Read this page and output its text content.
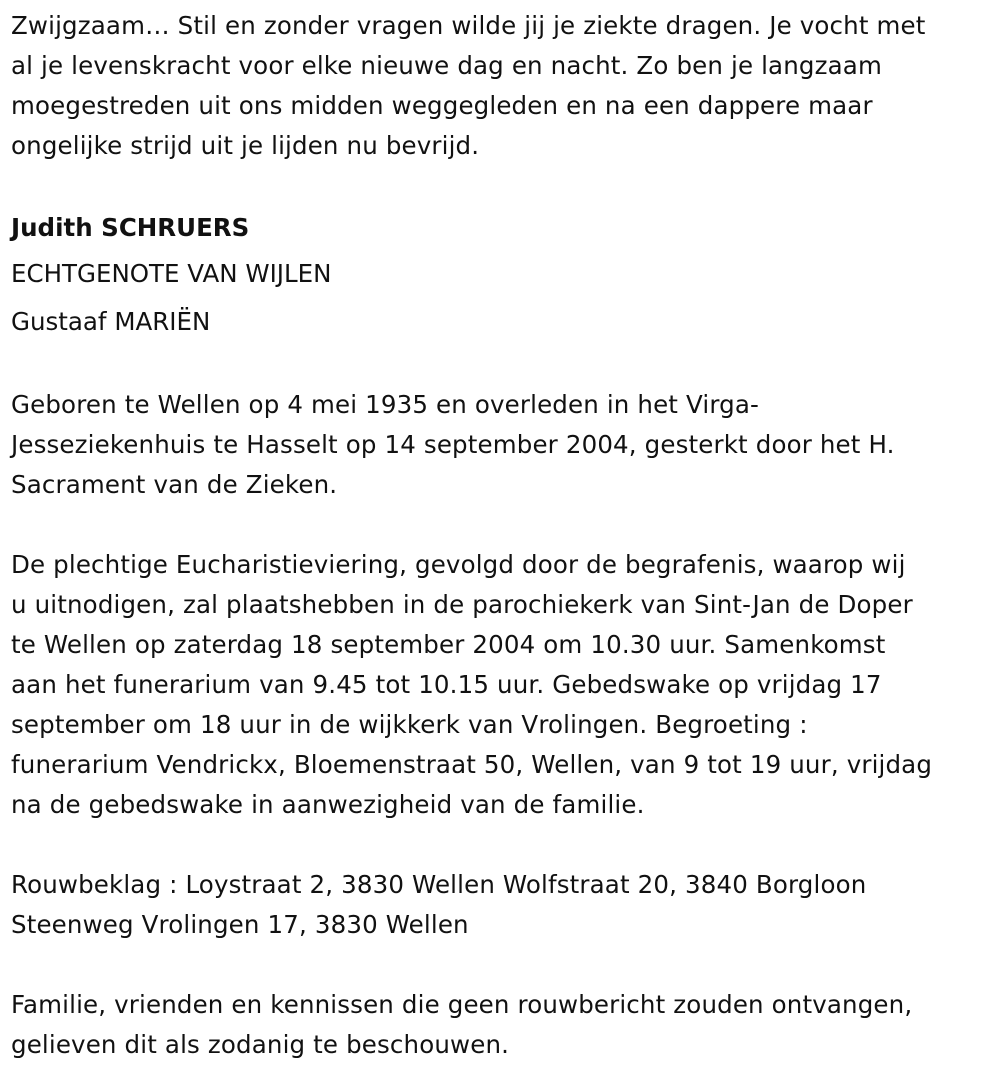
Zwijgzaam… Stil en zonder vragen wilde jij je ziekte dragen. Je vocht met
al je levenskracht voor elke nieuwe dag en nacht. Zo ben je langzaam
moegestreden uit ons midden weggegleden en na een dappere maar
ongelijke strijd uit je lijden nu bevrijd.
Judith SCHRUERS
ECHTGENOTE VAN WIJLEN
Gustaaf MARIËN
Geboren te Wellen op 4 mei 1935 en overleden in het Virga-
Jesseziekenhuis te Hasselt op 14 september 2004, gesterkt door het H.
Sacrament van de Zieken.
De plechtige Eucharistieviering, gevolgd door de begrafenis, waarop wij
u uitnodigen, zal plaatshebben in de parochiekerk van Sint-Jan de Doper
te Wellen op zaterdag 18 september 2004 om 10.30 uur. Samenkomst
aan het funerarium van 9.45 tot 10.15 uur. Gebedswake op vrijdag 17
september om 18 uur in de wijkkerk van Vrolingen. Begroeting :
funerarium Vendrickx, Bloemenstraat 50, Wellen, van 9 tot 19 uur, vrijdag
na de gebedswake in aanwezigheid van de familie.
Rouwbeklag : Loystraat 2, 3830 Wellen Wolfstraat 20, 3840 Borgloon
Steenweg Vrolingen 17, 3830 Wellen
Familie, vrienden en kennissen die geen rouwbericht zouden ontvangen,
gelieven dit als zodanig te beschouwen.
